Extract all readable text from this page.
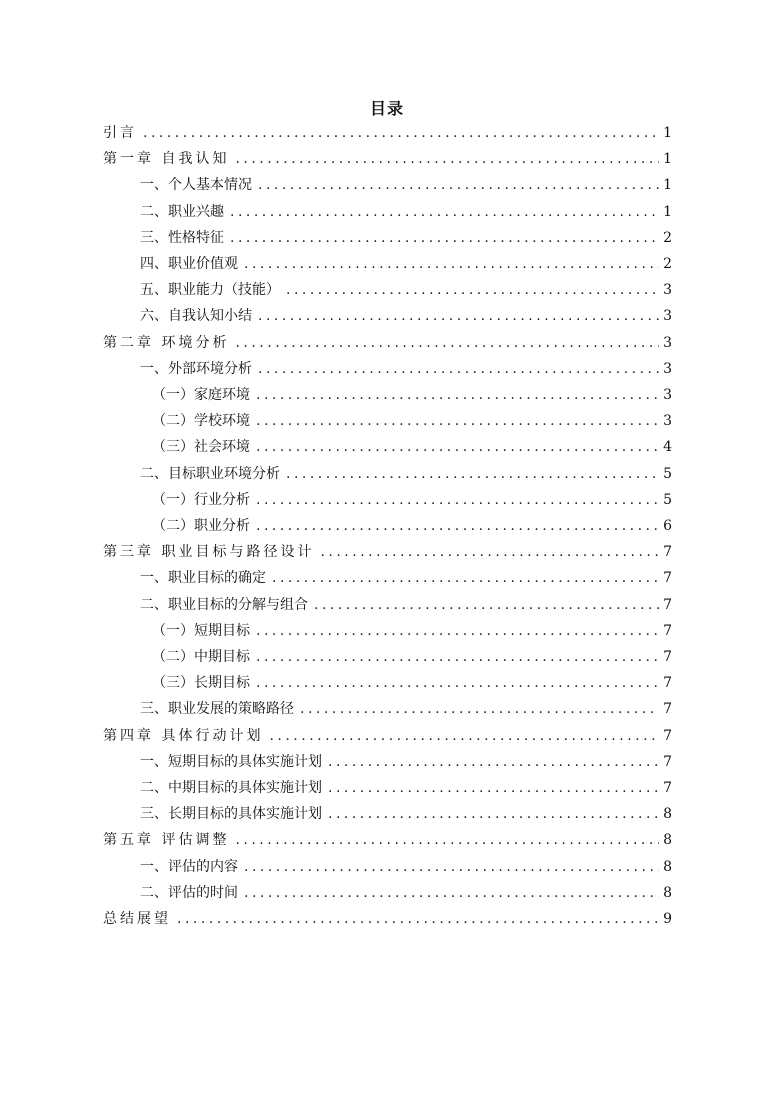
目录
引言 .....	1
第一章 自我认知 .....	1
一、个人基本情况 .....	1
二、职业兴趣 .....	1
三、性格特征 .....	2
四、职业价值观 .....	2
五、职业能力（技能） .....	3
六、自我认知小结 .....	3
第二章 环境分析 .....	3
一、外部环境分析 .....	3
（一）家庭环境 .....	3
（二）学校环境 .....	3
（三）社会环境 .....	4
二、目标职业环境分析 .....	5
（一）行业分析 .....	5
（二）职业分析 .....	6
第三章 职业目标与路径设计 .....	7
一、职业目标的确定 .....	7
二、职业目标的分解与组合 .....	7
（一）短期目标 .....	7
（二）中期目标 .....	7
（三）长期目标 .....	7
三、职业发展的策略路径 .....	7
第四章 具体行动计划 .....	7
一、短期目标的具体实施计划 .....	7
二、中期目标的具体实施计划 .....	7
三、长期目标的具体实施计划 .....	8
第五章 评估调整 .....	8
一、评估的内容 .....	8
二、评估的时间 .....	8
总结展望 .....	9
